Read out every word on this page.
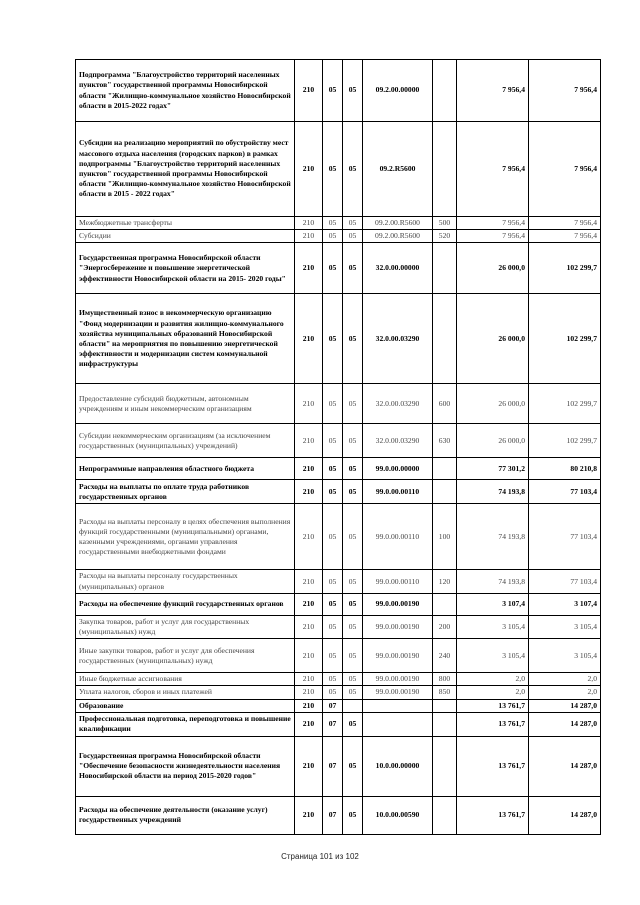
Подпрограмма "Благоустройство территорий населенных пунктов" государственной программы Новосибирской области "Жилищно-коммунальное хозяйство Новосибирской области в 2015-2022 годах"	210	05	05	09.2.00.00000		7 956,4	7 956,4
Субсидии на реализацию мероприятий по обустройству мест массового отдыха населения (городских парков) в рамках подпрограммы "Благоустройство территорий населенных пунктов" государственной программы Новосибирской области "Жилищно-коммунальное хозяйство Новосибирской области в 2015 - 2022 годах"	210	05	05	09.2.R5600		7 956,4	7 956,4
Межбюджетные трансферты	210	05	05	09.2.00.R5600	500	7 956,4	7 956,4
Субсидии	210	05	05	09.2.00.R5600	520	7 956,4	7 956,4
Государственная программа Новосибирской области "Энергосбережение и повышение энергетической эффективности Новосибирской области на 2015- 2020 годы"	210	05	05	32.0.00.00000		26 000,0	102 299,7
Имущественный взнос в некоммерческую организацию "Фонд модернизации и развития жилищно-коммунального хозяйства муниципальных образований Новосибирской области" на мероприятия по повышению энергетической эффективности и модернизации систем коммунальной инфраструктуры	210	05	05	32.0.00.03290		26 000,0	102 299,7
Предоставление субсидий бюджетным, автономным учреждениям и иным некоммерческим организациям	210	05	05	32.0.00.03290	600	26 000,0	102 299,7
Субсидии некоммерческим организациям (за исключением государственных (муниципальных) учреждений)	210	05	05	32.0.00.03290	630	26 000,0	102 299,7
Непрограммные направления областного бюджета	210	05	05	99.0.00.00000		77 301,2	80 210,8
Расходы на выплаты по оплате труда работников государственных органов	210	05	05	99.0.00.00110		74 193,8	77 103,4
Расходы на выплаты персоналу в целях обеспечения выполнения функций государственными (муниципальными) органами, казенными учреждениями, органами управления государственными внебюджетными фондами	210	05	05	99.0.00.00110	100	74 193,8	77 103,4
Расходы на выплаты персоналу государственных (муниципальных) органов	210	05	05	99.0.00.00110	120	74 193,8	77 103,4
Расходы на обеспечение функций государственных органов	210	05	05	99.0.00.00190		3 107,4	3 107,4
Закупка товаров, работ и услуг для государственных (муниципальных) нужд	210	05	05	99.0.00.00190	200	3 105,4	3 105,4
Иные закупки товаров, работ и услуг для обеспечения государственных (муниципальных) нужд	210	05	05	99.0.00.00190	240	3 105,4	3 105,4
Иные бюджетные ассигнования	210	05	05	99.0.00.00190	800	2,0	2,0
Уплата налогов, сборов и иных платежей	210	05	05	99.0.00.00190	850	2,0	2,0
Образование	210	07				13 761,7	14 287,0
Профессиональная подготовка, переподготовка и повышение квалификации	210	07	05			13 761,7	14 287,0
Государственная программа Новосибирской области "Обеспечение безопасности жизнедеятельности населения Новосибирской области на период 2015-2020 годов"	210	07	05	10.0.00.00000		13 761,7	14 287,0
Расходы на обеспечение деятельности (оказание услуг) государственных учреждений	210	07	05	10.0.00.00590		13 761,7	14 287,0
Страница 101 из 102
